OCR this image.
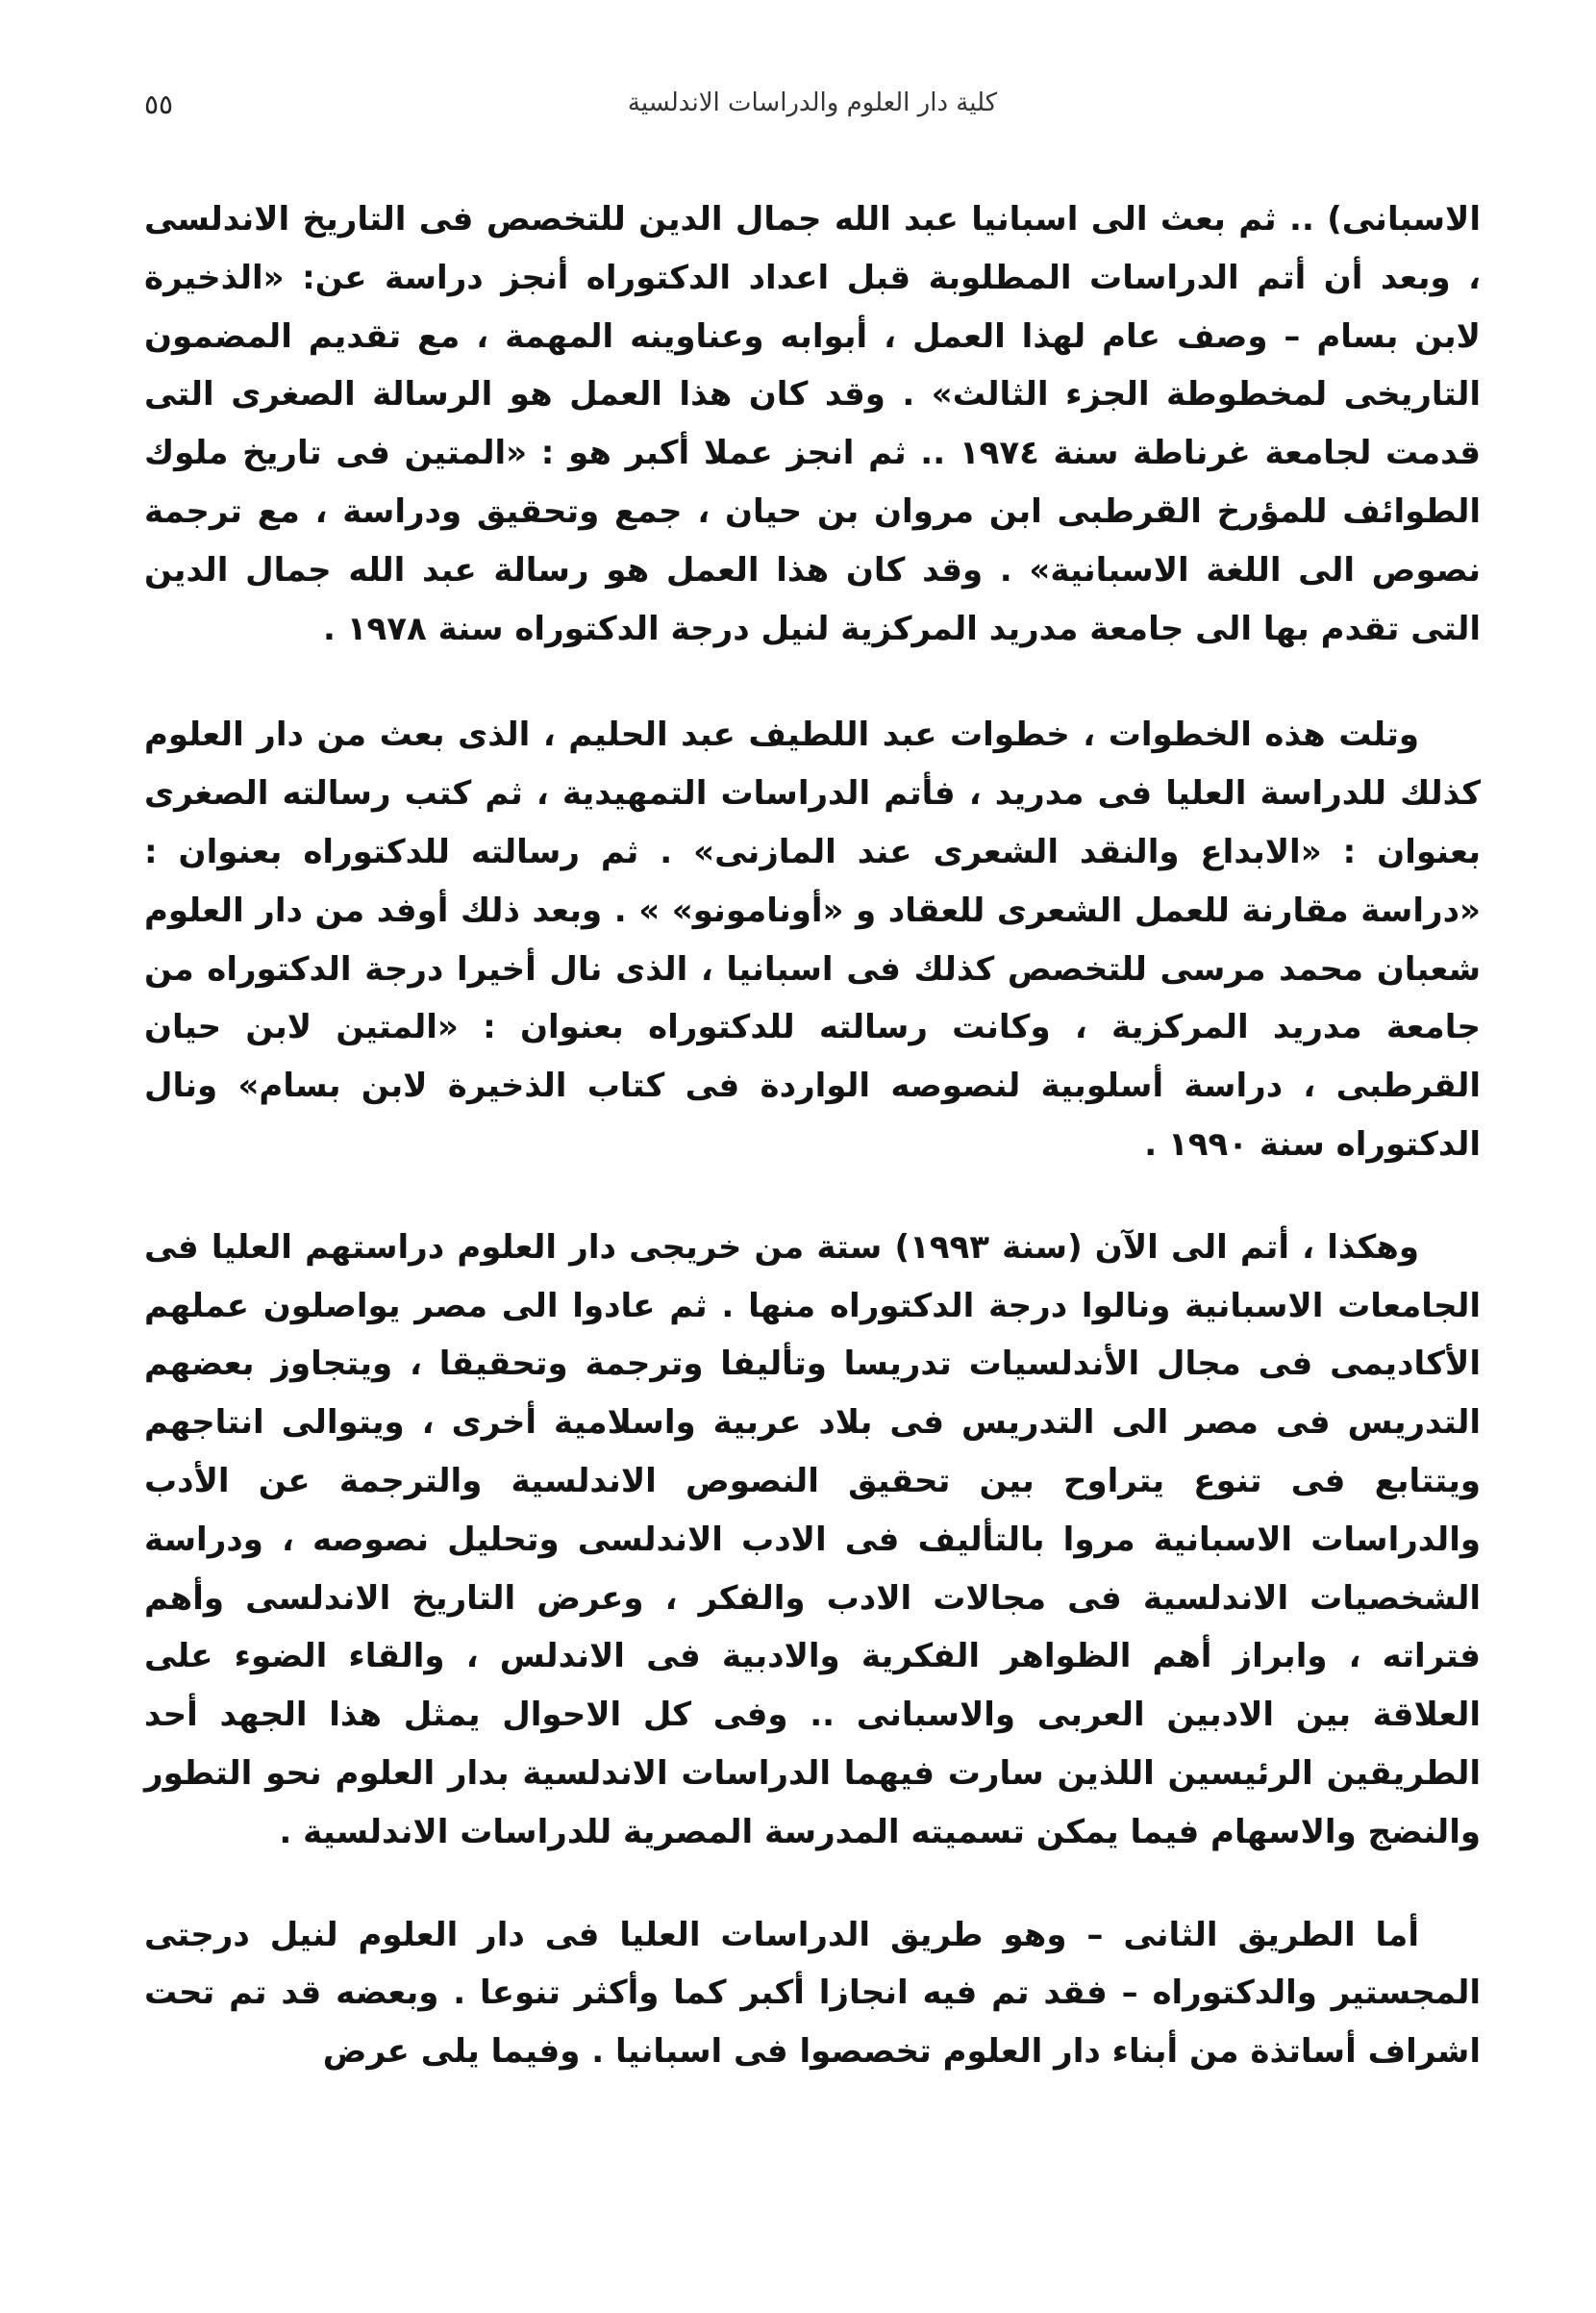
٥٥	كلية دار العلوم والدراسات الاندلسية

الاسبانى) .. ثم بعث الى اسبانيا عبد الله جمال الدين للتخصص فى التاريخ الاندلسى ، وبعد أن أتم الدراسات المطلوبة قبل اعداد الدكتوراه أنجز دراسة عن: «الذخيرة لابن بسام – وصف عام لهذا العمل ، أبوابه وعناوينه المهمة ، مع تقديم المضمون التاريخى لمخطوطة الجزء الثالث» . وقد كان هذا العمل هو الرسالة الصغرى التى قدمت لجامعة غرناطة سنة ١٩٧٤ .. ثم انجز عملا أكبر هو : «المتين فى تاريخ ملوك الطوائف للمؤرخ القرطبى ابن مروان بن حيان ، جمع وتحقيق ودراسة ، مع ترجمة نصوص الى اللغة الاسبانية» . وقد كان هذا العمل هو رسالة عبد الله جمال الدين التى تقدم بها الى جامعة مدريد المركزية لنيل درجة الدكتوراه سنة ١٩٧٨ .

وتلت هذه الخطوات ، خطوات عبد اللطيف عبد الحليم ، الذى بعث من دار العلوم كذلك للدراسة العليا فى مدريد ، فأتم الدراسات التمهيدية ، ثم كتب رسالته الصغرى بعنوان : «الابداع والنقد الشعرى عند المازنى» . ثم رسالته للدكتوراه بعنوان : «دراسة مقارنة للعمل الشعرى للعقاد و «أونامونو» » . وبعد ذلك أوفد من دار العلوم شعبان محمد مرسى للتخصص كذلك فى اسبانيا ، الذى نال أخيرا درجة الدكتوراه من جامعة مدريد المركزية ، وكانت رسالته للدكتوراه بعنوان : «المتين لابن حيان القرطبى ، دراسة أسلوبية لنصوصه الواردة فى كتاب الذخيرة لابن بسام» ونال الدكتوراه سنة ١٩٩٠ .

وهكذا ، أتم الى الآن (سنة ١٩٩٣) ستة من خريجى دار العلوم دراستهم العليا فى الجامعات الاسبانية ونالوا درجة الدكتوراه منها . ثم عادوا الى مصر يواصلون عملهم الأكاديمى فى مجال الأندلسيات تدريسا وتأليفا وترجمة وتحقيقا ، ويتجاوز بعضهم التدريس فى مصر الى التدريس فى بلاد عربية واسلامية أخرى ، ويتوالى انتاجهم ويتتابع فى تنوع يتراوح بين تحقيق النصوص الاندلسية والترجمة عن الأدب والدراسات الاسبانية مروا بالتأليف فى الادب الاندلسى وتحليل نصوصه ، ودراسة الشخصيات الاندلسية فى مجالات الادب والفكر ، وعرض التاريخ الاندلسى وأهم فتراته ، وابراز أهم الظواهر الفكرية والادبية فى الاندلس ، والقاء الضوء على العلاقة بين الادبين العربى والاسبانى .. وفى كل الاحوال يمثل هذا الجهد أحد الطريقين الرئيسين اللذين سارت فيهما الدراسات الاندلسية بدار العلوم نحو التطور والنضج والاسهام فيما يمكن تسميته المدرسة المصرية للدراسات الاندلسية .

أما الطريق الثانى – وهو طريق الدراسات العليا فى دار العلوم لنيل درجتى المجستير والدكتوراه – فقد تم فيه انجازا أكبر كما وأكثر تنوعا . وبعضه قد تم تحت اشراف أساتذة من أبناء دار العلوم تخصصوا فى اسبانيا . وفيما يلى عرض
